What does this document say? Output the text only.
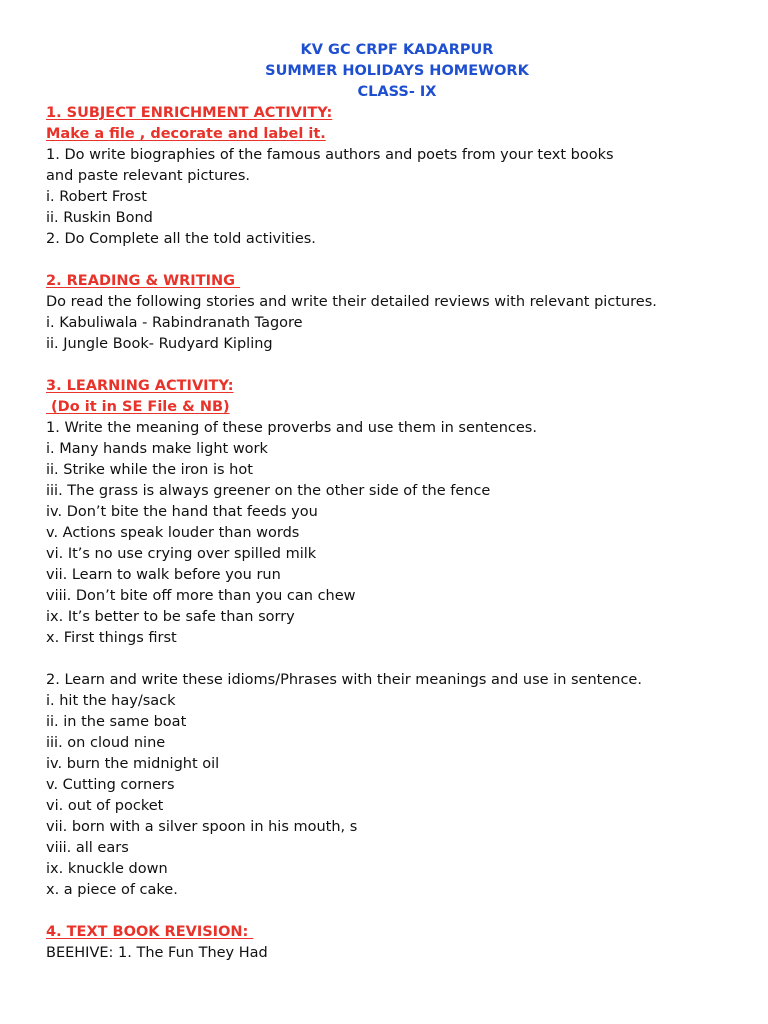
KV GC CRPF KADARPUR
SUMMER HOLIDAYS HOMEWORK
CLASS- IX
1. SUBJECT ENRICHMENT ACTIVITY:
Make a file , decorate and label it.
1. Do write biographies of the famous authors and poets from your text books
and paste relevant pictures.
i. Robert Frost
ii. Ruskin Bond
2. Do Complete all the told activities.
2. READING & WRITING
Do read the following stories and write their detailed reviews with relevant pictures.
i. Kabuliwala - Rabindranath Tagore
ii. Jungle Book- Rudyard Kipling
3. LEARNING ACTIVITY:
(Do it in SE File & NB)
1. Write the meaning of these proverbs and use them in sentences.
i. Many hands make light work
ii. Strike while the iron is hot
iii. The grass is always greener on the other side of the fence
iv. Don’t bite the hand that feeds you
v. Actions speak louder than words
vi. It’s no use crying over spilled milk
vii. Learn to walk before you run
viii. Don’t bite off more than you can chew
ix. It’s better to be safe than sorry
x. First things first
2. Learn and write these idioms/Phrases with their meanings and use in sentence.
i. hit the hay/sack
ii. in the same boat
iii. on cloud nine
iv. burn the midnight oil
v. Cutting corners
vi. out of pocket
vii. born with a silver spoon in his mouth, s
viii. all ears
ix. knuckle down
x. a piece of cake.
4. TEXT BOOK REVISION:
BEEHIVE: 1. The Fun They Had
